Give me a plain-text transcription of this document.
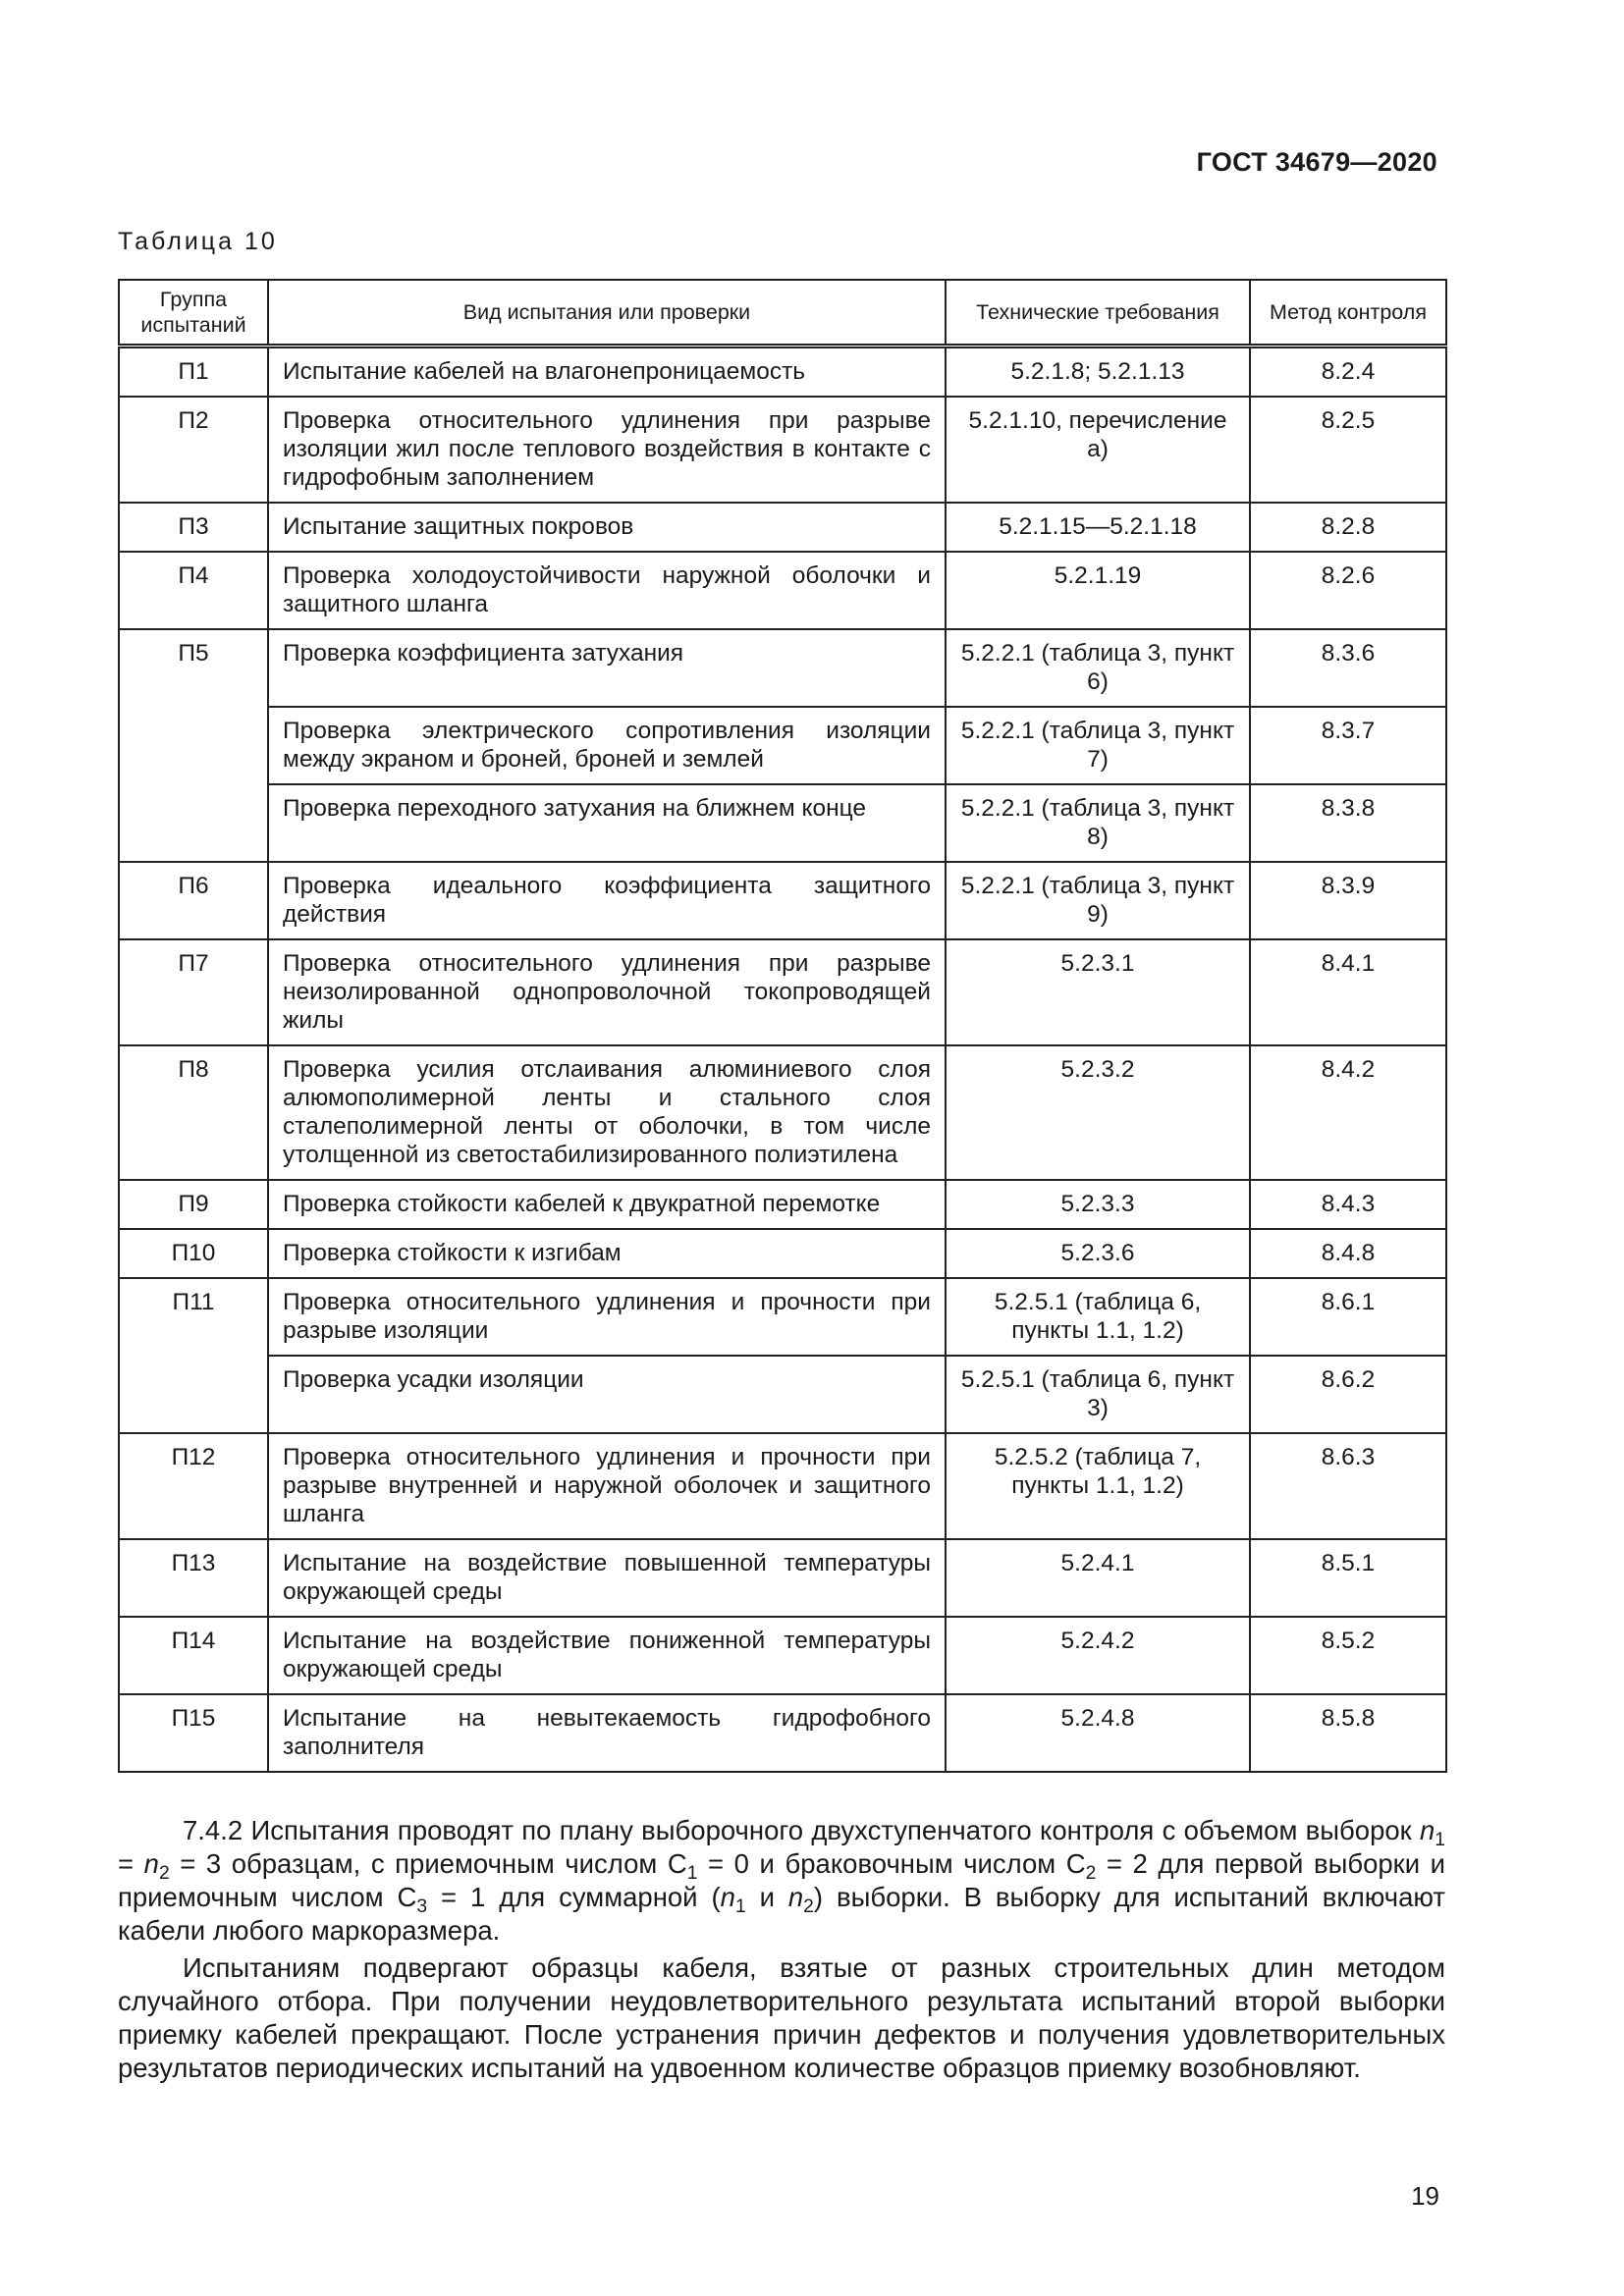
ГОСТ 34679—2020
Таблица 10
Группа испытаний	Вид испытания или проверки	Технические требования	Метод контроля
П1	Испытание кабелей на влагонепроницаемость	5.2.1.8; 5.2.1.13	8.2.4
П2	Проверка относительного удлинения при разрыве изоляции жил после теплового воздействия в контакте с гидрофобным заполнением	5.2.1.10, перечисление а)	8.2.5
П3	Испытание защитных покровов	5.2.1.15—5.2.1.18	8.2.8
П4	Проверка холодоустойчивости наружной оболочки и защитного шланга	5.2.1.19	8.2.6
П5	Проверка коэффициента затухания	5.2.2.1 (таблица 3, пункт 6)	8.3.6
	Проверка электрического сопротивления изоляции между экраном и броней, броней и землей	5.2.2.1 (таблица 3, пункт 7)	8.3.7
	Проверка переходного затухания на ближнем конце	5.2.2.1 (таблица 3, пункт 8)	8.3.8
П6	Проверка идеального коэффициента защитного действия	5.2.2.1 (таблица 3, пункт 9)	8.3.9
П7	Проверка относительного удлинения при разрыве неизолированной однопроволочной токопроводящей жилы	5.2.3.1	8.4.1
П8	Проверка усилия отслаивания алюминиевого слоя алюмополимерной ленты и стального слоя сталеполимерной ленты от оболочки, в том числе утолщенной из светостабилизированного полиэтилена	5.2.3.2	8.4.2
П9	Проверка стойкости кабелей к двукратной перемотке	5.2.3.3	8.4.3
П10	Проверка стойкости к изгибам	5.2.3.6	8.4.8
П11	Проверка относительного удлинения и прочности при разрыве изоляции	5.2.5.1 (таблица 6, пункты 1.1, 1.2)	8.6.1
	Проверка усадки изоляции	5.2.5.1 (таблица 6, пункт 3)	8.6.2
П12	Проверка относительного удлинения и прочности при разрыве внутренней и наружной оболочек и защитного шланга	5.2.5.2 (таблица 7, пункты 1.1, 1.2)	8.6.3
П13	Испытание на воздействие повышенной температуры окружающей среды	5.2.4.1	8.5.1
П14	Испытание на воздействие пониженной температуры окружающей среды	5.2.4.2	8.5.2
П15	Испытание на невытекаемость гидрофобного заполнителя	5.2.4.8	8.5.8

7.4.2 Испытания проводят по плану выборочного двухступенчатого контроля с объемом выборок $n_1 = n_2 = 3$ образцам, с приемочным числом $С_1 = 0$ и браковочным числом $С_2 = 2$ для первой выборки и приемочным числом $С_3 = 1$ для суммарной ($n_1$ и $n_2$) выборки. В выборку для испытаний включают кабели любого маркоразмера.

Испытаниям подвергают образцы кабеля, взятые от разных строительных длин методом случайного отбора. При получении неудовлетворительного результата испытаний второй выборки приемку кабелей прекращают. После устранения причин дефектов и получения удовлетворительных результатов периодических испытаний на удвоенном количестве образцов приемку возобновляют.

19
